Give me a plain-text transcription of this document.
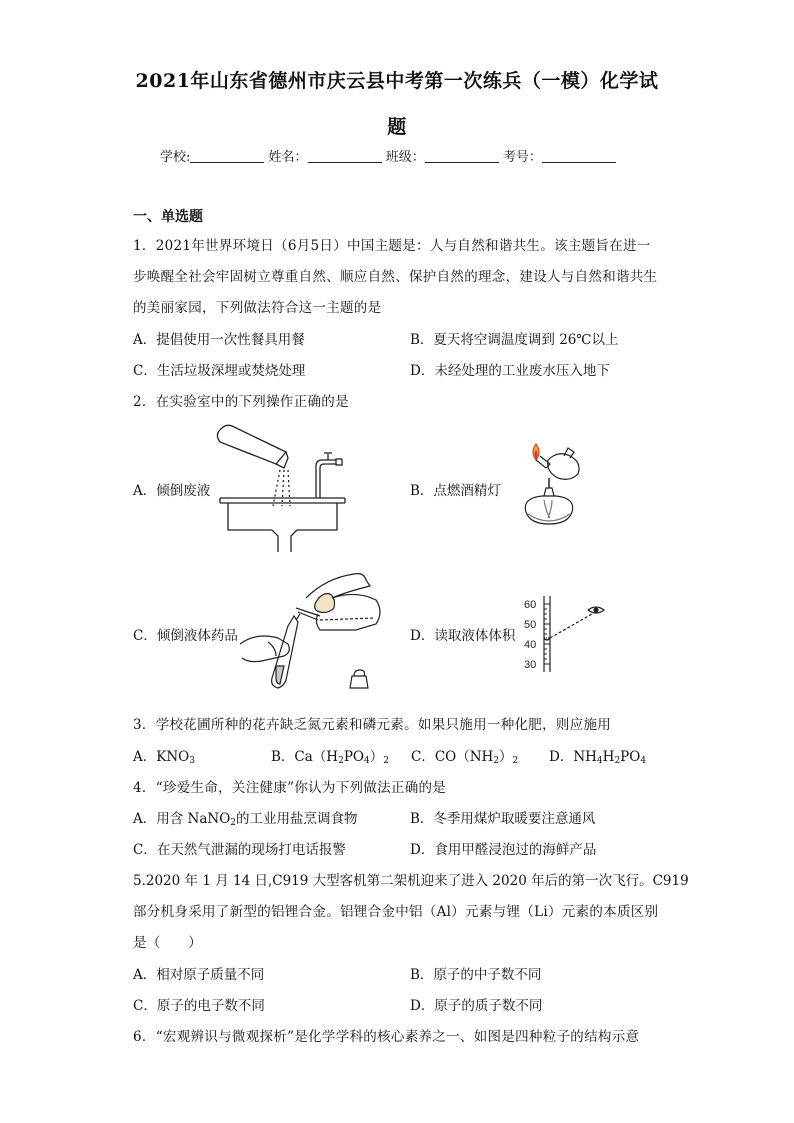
2021年山东省德州市庆云县中考第一次练兵（一模）化学试
题
学校:	姓名：	班级：	考号：
一、单选题
1．2021年世界环境日（6月5日）中国主题是：人与自然和谐共生。该主题旨在进一
步唤醒全社会牢固树立尊重自然、顺应自然、保护自然的理念，建设人与自然和谐共生
的美丽家园，下列做法符合这一主题的是
A．提倡使用一次性餐具用餐	B．夏天将空调温度调到 26℃以上
C．生活垃圾深埋或焚烧处理	D．未经处理的工业废水压入地下
2．在实验室中的下列操作正确的是
A．倾倒废液	B．点燃酒精灯
C．倾倒液体药品
60
50
40
30
D．读取液体体积
3．学校花圃所种的花卉缺乏氮元素和磷元素。如果只施用一种化肥，则应施用
A．$KNO_3$	B．$Ca(H_2PO_4)_2$ C．$CO(NH_2)_2$ D．$NH_4H_2PO_4$
4．“珍爱生命，关注健康”你认为下列做法正确的是
A．用含 NaNO$_2$的工业用盐烹调食物	B．冬季用煤炉取暖要注意通风
C．在天然气泄漏的现场打电话报警	D．食用甲醛浸泡过的海鲜产品
5.2020 年 1 月 14 日,C919 大型客机第二架机迎来了进入 2020 年后的第一次飞行。C919
部分机身采用了新型的铝锂合金。铝锂合金中铝（Al）元素与锂（Li）元素的本质区别
是（　　）
A．相对原子质量不同	B．原子的中子数不同
C．原子的电子数不同	D．原子的质子数不同
6．“宏观辨识与微观探析”是化学学科的核心素养之一、如图是四种粒子的结构示意
